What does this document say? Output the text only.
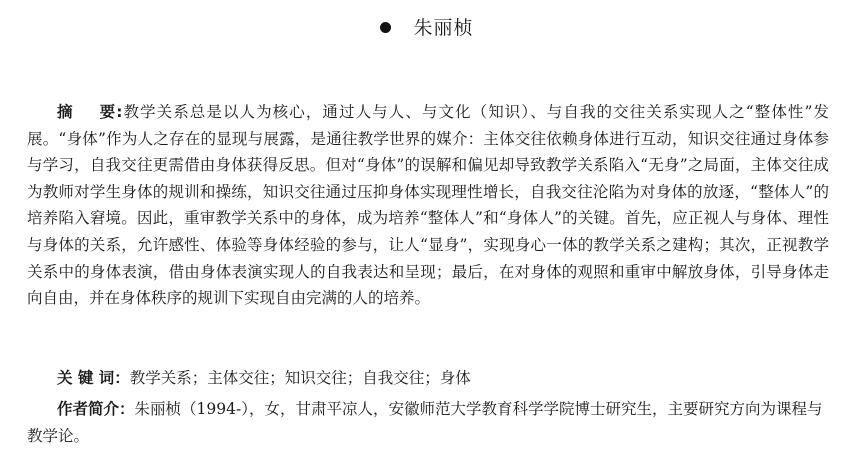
朱丽桢

摘 要:教学关系总是以人为核心，通过人与人、与文化（知识）、与自我的交往关系实现人之“整体性”发展。“身体”作为人之存在的显现与展露，是通往教学世界的媒介：主体交往依赖身体进行互动，知识交往通过身体参与学习，自我交往更需借由身体获得反思。但对“身体”的误解和偏见却导致教学关系陷入“无身”之局面，主体交往成为教师对学生身体的规训和操练，知识交往通过压抑身体实现理性增长，自我交往沦陷为对身体的放逐，“整体人”的培养陷入窘境。因此，重审教学关系中的身体，成为培养“整体人”和“身体人”的关键。首先，应正视人与身体、理性与身体的关系，允许感性、体验等身体经验的参与，让人“显身”，实现身心一体的教学关系之建构；其次，正视教学关系中的身体表演，借由身体表演实现人的自我表达和呈现；最后，在对身体的观照和重审中解放身体，引导身体走向自由，并在身体秩序的规训下实现自由完满的人的培养。

关 键 词：教学关系；主体交往；知识交往；自我交往；身体

作者简介：朱丽桢（1994-），女，甘肃平凉人，安徽师范大学教育科学学院博士研究生，主要研究方向为课程与教学论。
